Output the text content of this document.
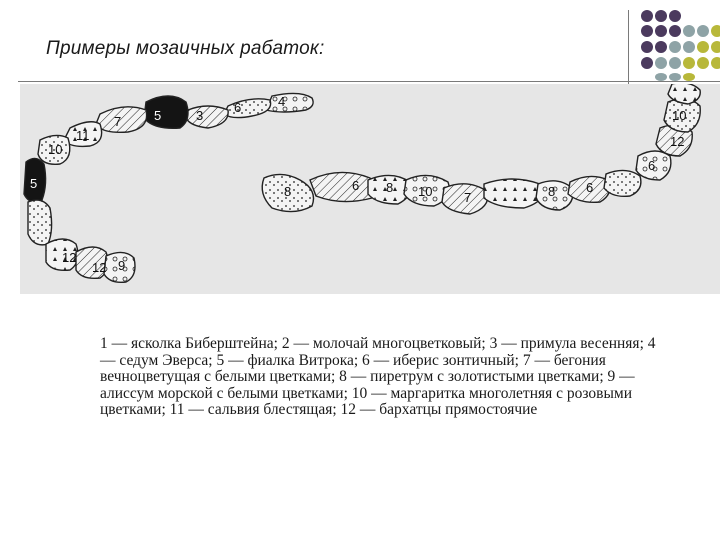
Примеры мозаичных рабаток:
5	3
6	4
7
10
11
5
12
12 9
8	6 8 10 7	8 6
10
12
6
1 — ясколка Биберштейна; 2 — молочай многоцветковый; 3 — примула весенняя; 4 — седум Эверса; 5 — фиалка Витрока; 6 — иберис зонтичный; 7 — бегония вечноцветущая с белыми цветками; 8 — пиретрум с золотистыми цветками; 9 — алиссум морской с белыми цветками; 10 — маргаритка многолетняя с розовыми цветками; 11 — сальвия блестящая; 12 — бархатцы прямостоячие
